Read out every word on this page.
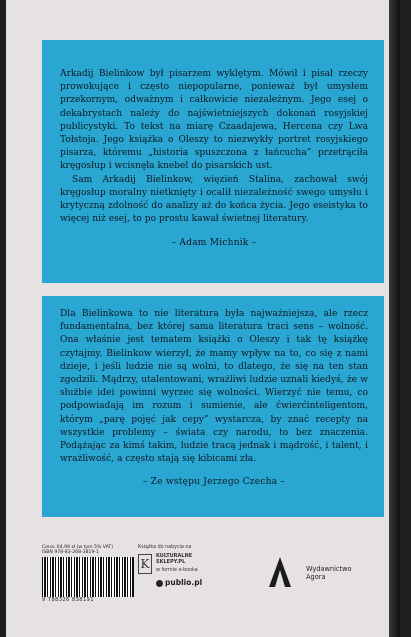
Arkadij Bielinkow był pisarzem wyklętym. Mówił i pisał rzeczy prowokujące i często niepopularne, ponieważ był umysłem przekornym, odważnym i całkowicie niezależnym. Jego esej o dekabrystach należy do najświetniejszych dokonań rosyjskiej publicystyki. To tekst na miarę Czaadajewa, Hercena czy Lwa Tołstoja. Jego książka o Oleszy to niezwykły portret rosyjskiego pisarza, któremu „historia spuszczona z łańcucha” przetrąciła kręgosłup i wcisnęła knebel do pisarskich ust.

Sam Arkadij Bielinkow, więzień Stalina, zachował swój kręgosłup moralny nietknięty i ocalił niezależność swego umysłu i krytyczną zdolność do analizy aż do końca życia. Jego eseistyka to więcej niż esej, to po prostu kawał świetnej literatury.

– Adam Michnik –

Dla Bielinkowa to nie literatura była najważniejsza, ale rzecz fundamentalna, bez której sama literatura traci sens – wolność. Ona właśnie jest tematem książki o Oleszy i tak tę książkę czytajmy. Bielinkow wierzył, że mamy wpływ na to, co się z nami dzieje, i jeśli ludzie nie są wolni, to dlatego, że się na ten stan zgodzili. Mądrzy, utalentowani, wrażliwi ludzie uznali kiedyś, że w służbie idei powinni wyrzec się wolności. Wierzyć nie temu, co podpowiadają im rozum i sumienie, ale ćwierćinteligentom, którym „parę pojęć jak cepy” wystarcza, by znać recepty na wszystkie problemy – świata czy narodu, to bez znaczenia. Podążając za kimś takim, ludzie tracą jednak i mądrość, i talent, i wrażliwość, a często stają się kibicami zła.

– Ze wstępu Jerzego Czecha –
Cena: 64,99 zł (w tym 5% VAT)
ISBN 978-83-268-3819-1
9 788326 838191
Książka do nabycia na
K
KULTURALNE
SKLEPY.PL
w formie e-booka
publio.pl
Wydawnictwo
Agora
